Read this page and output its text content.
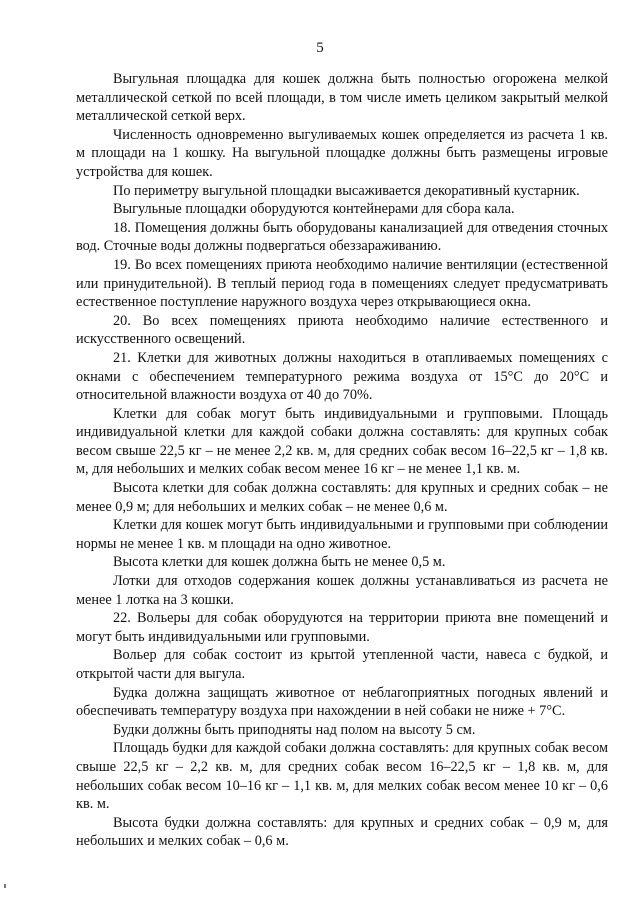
5

Выгульная площадка для кошек должна быть полностью огорожена мелкой металлической сеткой по всей площади, в том числе иметь целиком закрытый мелкой металлической сеткой верх.

Численность одновременно выгуливаемых кошек определяется из расчета 1 кв. м площади на 1 кошку. На выгульной площадке должны быть размещены игровые устройства для кошек.

По периметру выгульной площадки высаживается декоративный кустарник.

Выгульные площадки оборудуются контейнерами для сбора кала.

18. Помещения должны быть оборудованы канализацией для отведения сточных вод. Сточные воды должны подвергаться обеззараживанию.

19. Во всех помещениях приюта необходимо наличие вентиляции (естественной или принудительной). В теплый период года в помещениях следует предусматривать естественное поступление наружного воздуха через открывающиеся окна.

20. Во всех помещениях приюта необходимо наличие естественного и искусственного освещений.

21. Клетки для животных должны находиться в отапливаемых помещениях с окнами с обеспечением температурного режима воздуха от 15°С до 20°С и относительной влажности воздуха от 40 до 70%.

Клетки для собак могут быть индивидуальными и групповыми. Площадь индивидуальной клетки для каждой собаки должна составлять: для крупных собак весом свыше 22,5 кг – не менее 2,2 кв. м, для средних собак весом 16–22,5 кг – 1,8 кв. м, для небольших и мелких собак весом менее 16 кг – не менее 1,1 кв. м.

Высота клетки для собак должна составлять: для крупных и средних собак – не менее 0,9 м; для небольших и мелких собак – не менее 0,6 м.

Клетки для кошек могут быть индивидуальными и групповыми при соблюдении нормы не менее 1 кв. м площади на одно животное.

Высота клетки для кошек должна быть не менее 0,5 м.

Лотки для отходов содержания кошек должны устанавливаться из расчета не менее 1 лотка на 3 кошки.

22. Вольеры для собак оборудуются на территории приюта вне помещений и могут быть индивидуальными или групповыми.

Вольер для собак состоит из крытой утепленной части, навеса с будкой, и открытой части для выгула.

Будка должна защищать животное от неблагоприятных погодных явлений и обеспечивать температуру воздуха при нахождении в ней собаки не ниже + 7°С.

Будки должны быть приподняты над полом на высоту 5 см.

Площадь будки для каждой собаки должна составлять: для крупных собак весом свыше 22,5 кг – 2,2 кв. м, для средних собак весом 16–22,5 кг – 1,8 кв. м, для небольших собак весом 10–16 кг – 1,1 кв. м, для мелких собак весом менее 10 кг – 0,6 кв. м.

Высота будки должна составлять: для крупных и средних собак – 0,9 м, для небольших и мелких собак – 0,6 м.
